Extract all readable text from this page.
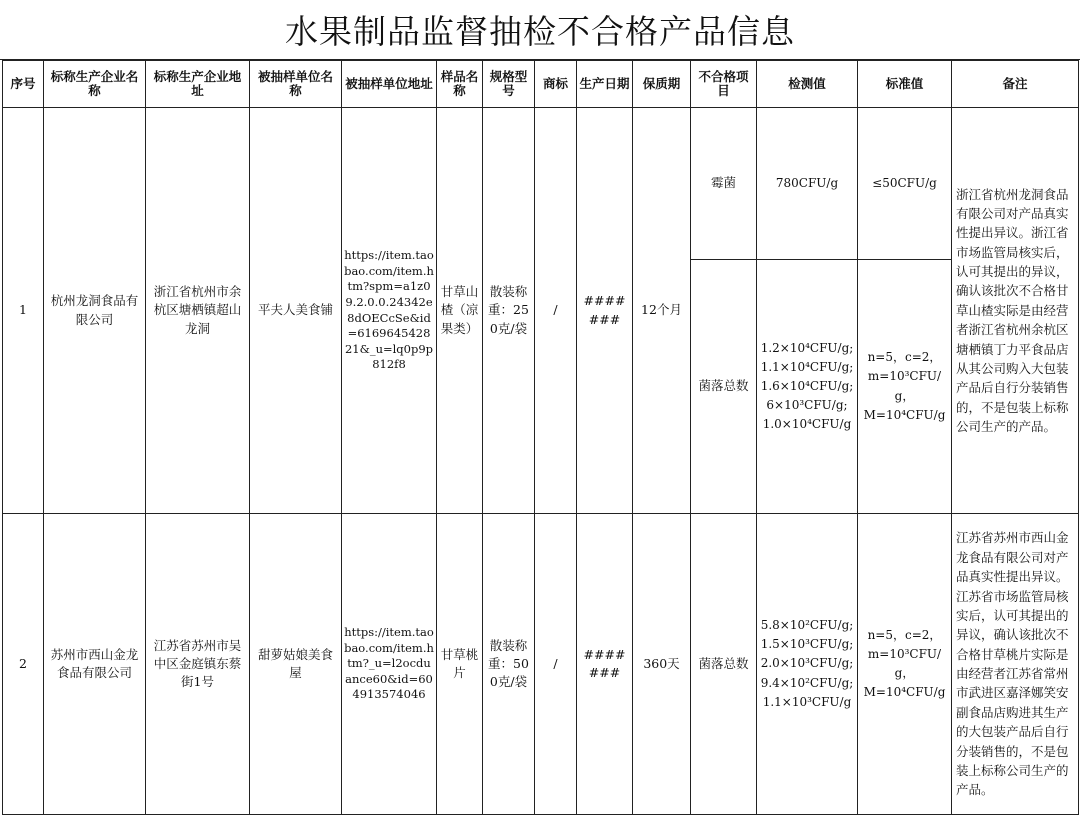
水果制品监督抽检不合格产品信息
序号	标称生产企业名称	标称生产企业地址	被抽样单位名称	被抽样单位地址	样品名称	规格型号	商标	生产日期	保质期	不合格项目	检测值	标准值	备注
1	杭州龙洞食品有限公司	浙江省杭州市余杭区塘栖镇超山龙洞	平夫人美食铺	https://item.taobao.com/item.htm?spm=a1z09.2.0.0.24342e8dOECcSe&id=616964542821&_u=lq0p9p812f8	甘草山楂（凉果类）	散装称重：250克/袋	/	#######	12个月	霉菌	780CFU/g	≤50CFU/g	浙江省杭州龙洞食品有限公司对产品真实性提出异议。浙江省市场监管局核实后，认可其提出的异议，确认该批次不合格甘草山楂实际是由经营者浙江省杭州余杭区塘栖镇丁力平食品店从其公司购入大包装产品后自行分装销售的，不是包装上标称公司生产的产品。
										菌落总数	1.2×10⁴CFU/g;
1.1×10⁴CFU/g;
1.6×10⁴CFU/g;
6×10³CFU/g;
1.0×10⁴CFU/g	n=5，c=2，
m=10³CFU/g，
M=10⁴CFU/g	

2	苏州市西山金龙食品有限公司	江苏省苏州市吴中区金庭镇东蔡街1号	甜萝姑娘美食屋	https://item.taobao.com/item.htm?_u=l2ocduance60&id=604913574046	甘草桃片	散装称重：500克/袋	/	#######	360天	菌落总数	5.8×10²CFU/g;
1.5×10³CFU/g;
2.0×10³CFU/g;
9.4×10²CFU/g;
1.1×10³CFU/g	n=5，c=2，
m=10³CFU/g，
M=10⁴CFU/g	江苏省苏州市西山金龙食品有限公司对产品真实性提出异议。江苏省市场监管局核实后，认可其提出的异议，确认该批次不合格甘草桃片实际是由经营者江苏省常州市武进区嘉泽娜笑安副食品店购进其生产的大包装产品后自行分装销售的，不是包装上标称公司生产的产品。
